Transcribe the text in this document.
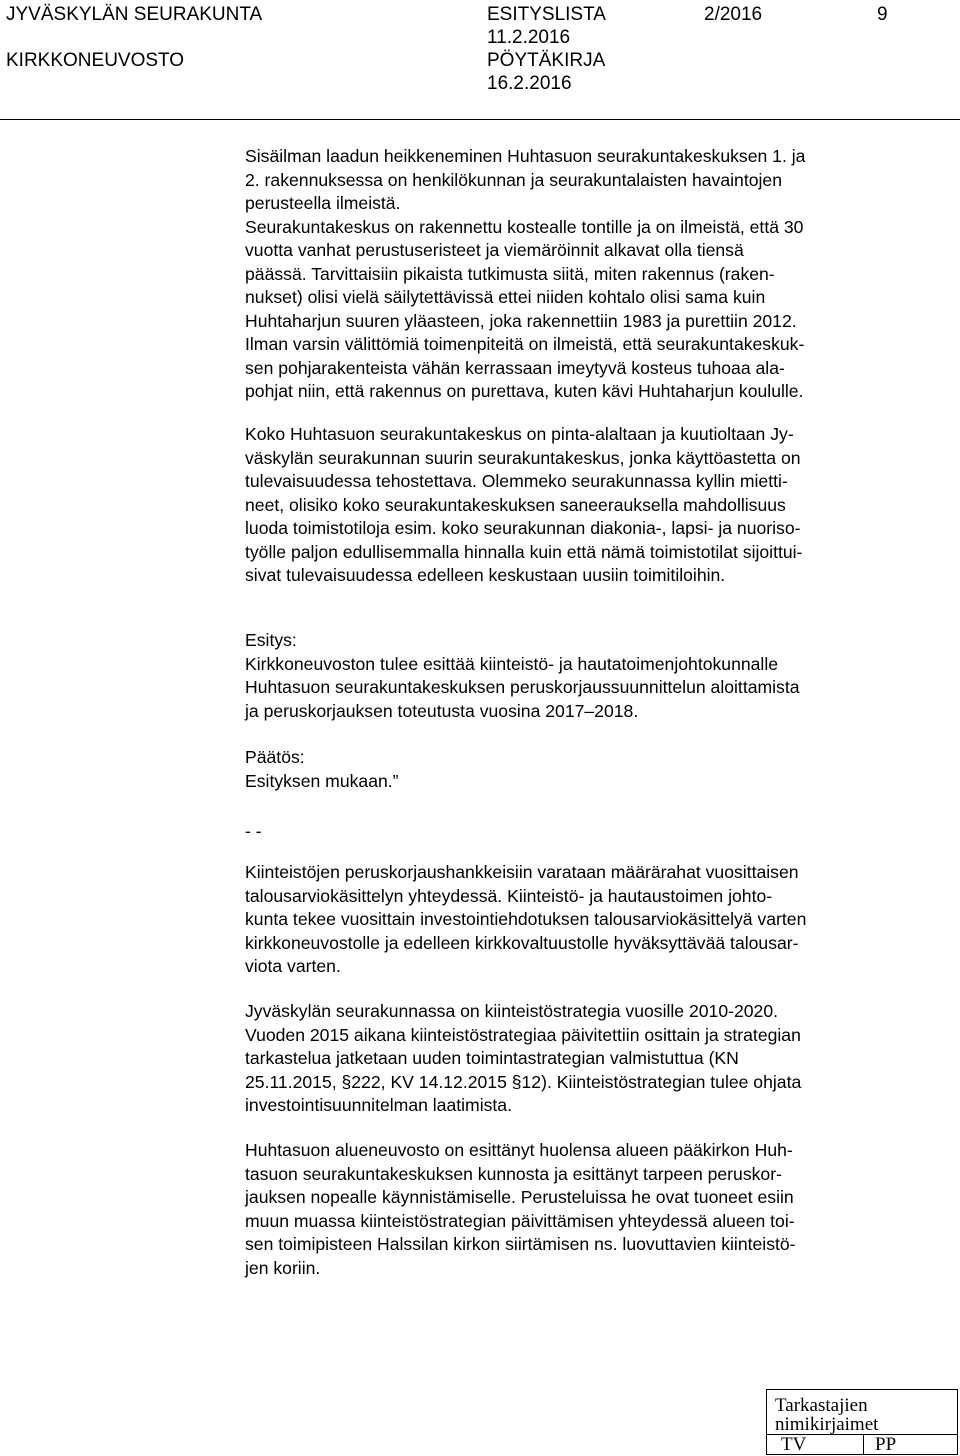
JYVÄSKYLÄN SEURAKUNTA
KIRKKONEUVOSTO
ESITYSLISTA
11.2.2016
PÖYTÄKIRJA
16.2.2016
2/2016	9
Sisäilman laadun heikkeneminen Huhtasuon seurakuntakeskuksen 1. ja
2. rakennuksessa on henkilökunnan ja seurakuntalaisten havaintojen
perusteella ilmeistä.
Seurakuntakeskus on rakennettu kostealle tontille ja on ilmeistä, että 30
vuotta vanhat perustuseristeet ja viemäröinnit alkavat olla tiensä
päässä. Tarvittaisiin pikaista tutkimusta siitä, miten rakennus (raken-
nukset) olisi vielä säilytettävissä ettei niiden kohtalo olisi sama kuin
Huhtaharjun suuren yläasteen, joka rakennettiin 1983 ja purettiin 2012.
Ilman varsin välittömiä toimenpiteitä on ilmeistä, että seurakuntakeskuk-
sen pohjarakenteista vähän kerrassaan imeytyvä kosteus tuhoaa ala-
pohjat niin, että rakennus on purettava, kuten kävi Huhtaharjun koululle.
Koko Huhtasuon seurakuntakeskus on pinta-alaltaan ja kuutioltaan Jy-
väskylän seurakunnan suurin seurakuntakeskus, jonka käyttöastetta on
tulevaisuudessa tehostettava. Olemmeko seurakunnassa kyllin mietti-
neet, olisiko koko seurakuntakeskuksen saneerauksella mahdollisuus
luoda toimistotiloja esim. koko seurakunnan diakonia-, lapsi- ja nuoriso-
työlle paljon edullisemmalla hinnalla kuin että nämä toimistotilat sijoittui-
sivat tulevaisuudessa edelleen keskustaan uusiin toimitiloihin.
Esitys:
Kirkkoneuvoston tulee esittää kiinteistö- ja hautatoimenjohtokunnalle
Huhtasuon seurakuntakeskuksen peruskorjaussuunnittelun aloittamista
ja peruskorjauksen toteutusta vuosina 2017–2018.
Päätös:
Esityksen mukaan.”
- -
Kiinteistöjen peruskorjaushankkeisiin varataan määrärahat vuosittaisen
talousarviokäsittelyn yhteydessä. Kiinteistö- ja hautaustoimen johto-
kunta tekee vuosittain investointiehdotuksen talousarviokäsittelyä varten
kirkkoneuvostolle ja edelleen kirkkovaltuustolle hyväksyttävää talousar-
viota varten.
Jyväskylän seurakunnassa on kiinteistöstrategia vuosille 2010-2020.
Vuoden 2015 aikana kiinteistöstrategiaa päivitettiin osittain ja strategian
tarkastelua jatketaan uuden toimintastrategian valmistuttua (KN
25.11.2015, §222, KV 14.12.2015 §12). Kiinteistöstrategian tulee ohjata
investointisuunnitelman laatimista.
Huhtasuon alueneuvosto on esittänyt huolensa alueen pääkirkon Huh-
tasuon seurakuntakeskuksen kunnosta ja esittänyt tarpeen peruskor-
jauksen nopealle käynnistämiselle. Perusteluissa he ovat tuoneet esiin
muun muassa kiinteistöstrategian päivittämisen yhteydessä alueen toi-
sen toimipisteen Halssilan kirkon siirtämisen ns. luovuttavien kiinteistö-
jen koriin.
Tarkastajien
nimikirjaimet
TV	PP
